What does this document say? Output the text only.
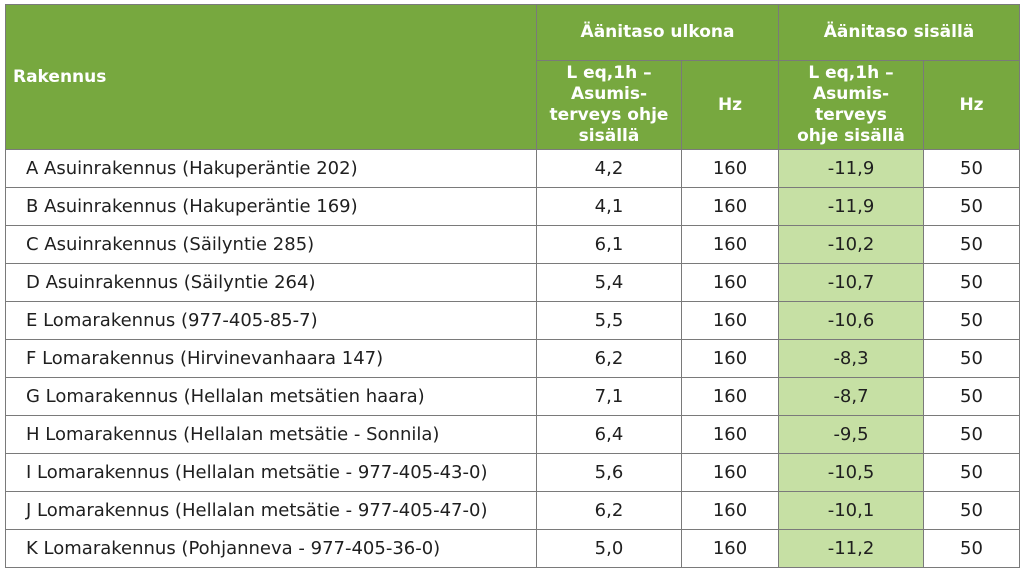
Rakennus	Äänitaso ulkona		Äänitaso sisällä	

	L eq,1h –
Asumis-
terveys ohje
sisällä	Hz	L eq,1h –
Asumis-
terveys
ohje sisällä	Hz
A Asuinrakennus (Hakuperäntie 202)	4,2	160	-11,9	50
B Asuinrakennus (Hakuperäntie 169)	4,1	160	-11,9	50
C Asuinrakennus (Säilyntie 285)	6,1	160	-10,2	50
D Asuinrakennus (Säilyntie 264)	5,4	160	-10,7	50
E Lomarakennus (977-405-85-7)	5,5	160	-10,6	50
F Lomarakennus (Hirvinevanhaara 147)	6,2	160	-8,3	50
G Lomarakennus (Hellalan metsätien haara)	7,1	160	-8,7	50
H Lomarakennus (Hellalan metsätie - Sonnila)	6,4	160	-9,5	50
I Lomarakennus (Hellalan metsätie - 977-405-43-0)	5,6	160	-10,5	50
J Lomarakennus (Hellalan metsätie - 977-405-47-0)	6,2	160	-10,1	50
K Lomarakennus (Pohjanneva - 977-405-36-0)	5,0	160	-11,2	50
